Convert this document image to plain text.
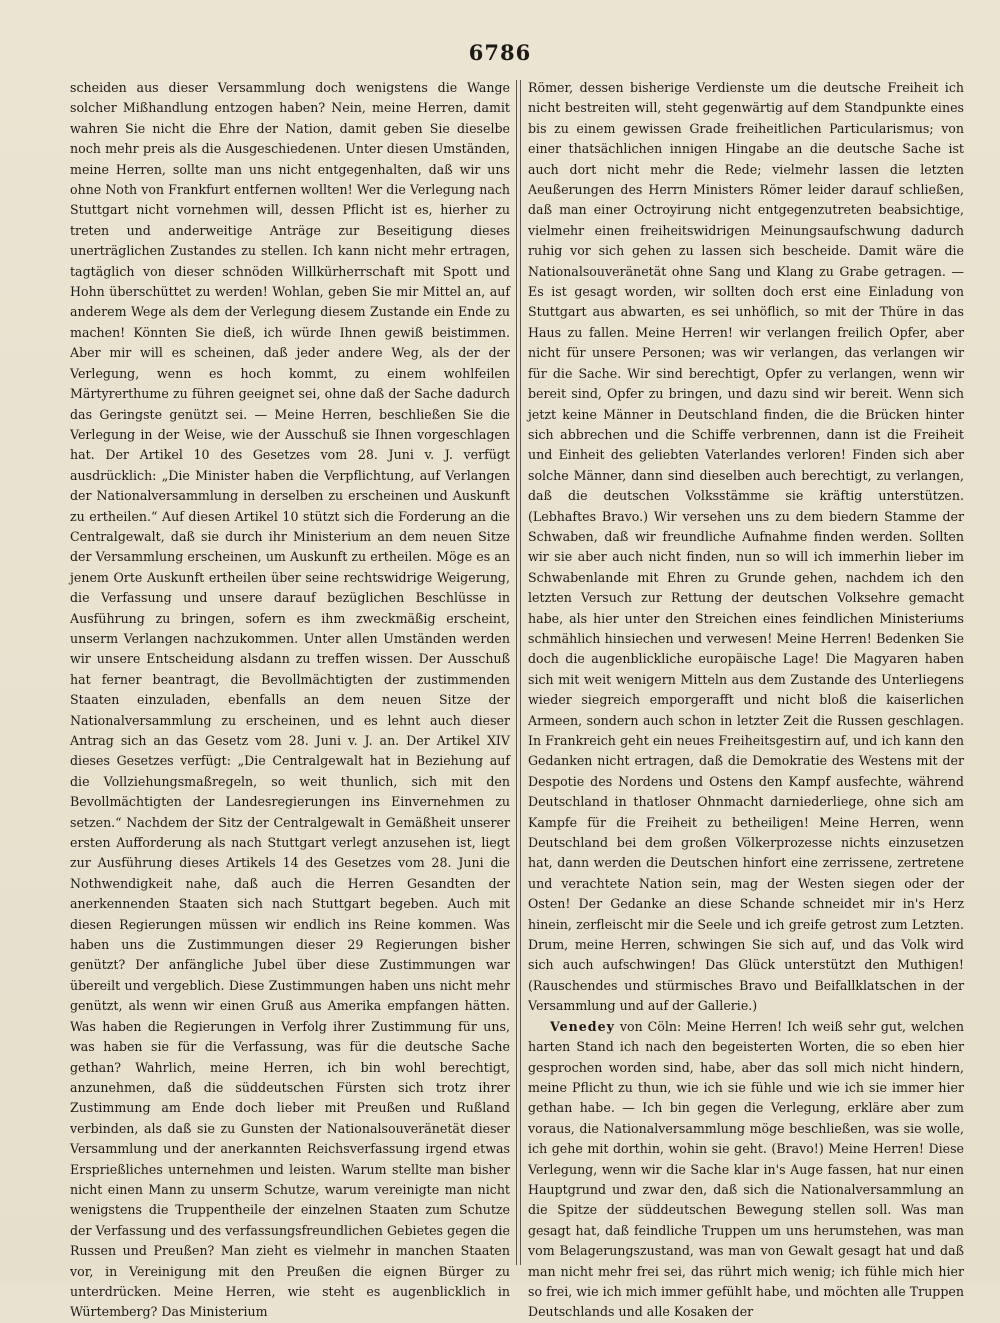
6786

scheiden aus dieser Versammlung doch wenigstens die Wange solcher Mißhandlung entzogen haben? Nein, meine Herren, damit wahren Sie nicht die Ehre der Nation, damit geben Sie dieselbe noch mehr preis als die Ausgeschiedenen. Unter diesen Umständen, meine Herren, sollte man uns nicht entgegenhalten, daß wir uns ohne Noth von Frankfurt entfernen wollten! Wer die Verlegung nach Stuttgart nicht vornehmen will, dessen Pflicht ist es, hierher zu treten und anderweitige Anträge zur Beseitigung dieses unerträglichen Zustandes zu stellen. Ich kann nicht mehr ertragen, tagtäglich von dieser schnöden Willkürherrschaft mit Spott und Hohn überschüttet zu werden! Wohlan, geben Sie mir Mittel an, auf anderem Wege als dem der Verlegung diesem Zustande ein Ende zu machen! Könnten Sie dieß, ich würde Ihnen gewiß beistimmen. Aber mir will es scheinen, daß jeder andere Weg, als der der Verlegung, wenn es hoch kommt, zu einem wohlfeilen Märtyrerthume zu führen geeignet sei, ohne daß der Sache dadurch das Geringste genützt sei. — Meine Herren, beschließen Sie die Verlegung in der Weise, wie der Ausschuß sie Ihnen vorgeschlagen hat. Der Artikel 10 des Gesetzes vom 28. Juni v. J. verfügt ausdrücklich: „Die Minister haben die Verpflichtung, auf Verlangen der Nationalversammlung in derselben zu erscheinen und Auskunft zu ertheilen.“ Auf diesen Artikel 10 stützt sich die Forderung an die Centralgewalt, daß sie durch ihr Ministerium an dem neuen Sitze der Versammlung erscheinen, um Auskunft zu ertheilen. Möge es an jenem Orte Auskunft ertheilen über seine rechtswidrige Weigerung, die Verfassung und unsere darauf bezüglichen Beschlüsse in Ausführung zu bringen, sofern es ihm zweckmäßig erscheint, unserm Verlangen nachzukommen. Unter allen Umständen werden wir unsere Entscheidung alsdann zu treffen wissen. Der Ausschuß hat ferner beantragt, die Bevollmächtigten der zustimmenden Staaten einzuladen, ebenfalls an dem neuen Sitze der Nationalversammlung zu erscheinen, und es lehnt auch dieser Antrag sich an das Gesetz vom 28. Juni v. J. an. Der Artikel XIV dieses Gesetzes verfügt: „Die Centralgewalt hat in Beziehung auf die Vollziehungsmaßregeln, so weit thunlich, sich mit den Bevollmächtigten der Landesregierungen ins Einvernehmen zu setzen.“ Nachdem der Sitz der Centralgewalt in Gemäßheit unserer ersten Aufforderung als nach Stuttgart verlegt anzusehen ist, liegt zur Ausführung dieses Artikels 14 des Gesetzes vom 28. Juni die Nothwendigkeit nahe, daß auch die Herren Gesandten der anerkennenden Staaten sich nach Stuttgart begeben. Auch mit diesen Regierungen müssen wir endlich ins Reine kommen. Was haben uns die Zustimmungen dieser 29 Regierungen bisher genützt? Der anfängliche Jubel über diese Zustimmungen war übereilt und vergeblich. Diese Zustimmungen haben uns nicht mehr genützt, als wenn wir einen Gruß aus Amerika empfangen hätten. Was haben die Regierungen in Verfolg ihrer Zustimmung für uns, was haben sie für die Verfassung, was für die deutsche Sache gethan? Wahrlich, meine Herren, ich bin wohl berechtigt, anzunehmen, daß die süddeutschen Fürsten sich trotz ihrer Zustimmung am Ende doch lieber mit Preußen und Rußland verbinden, als daß sie zu Gunsten der Nationalsouveränetät dieser Versammlung und der anerkannten Reichsverfassung irgend etwas Ersprießliches unternehmen und leisten. Warum stellte man bisher nicht einen Mann zu unserm Schutze, warum vereinigte man nicht wenigstens die Truppentheile der einzelnen Staaten zum Schutze der Verfassung und des verfassungsfreundlichen Gebietes gegen die Russen und Preußen? Man zieht es vielmehr in manchen Staaten vor, in Vereinigung mit den Preußen die eignen Bürger zu unterdrücken. Meine Herren, wie steht es augenblicklich in Würtemberg? Das Ministerium

Römer, dessen bisherige Verdienste um die deutsche Freiheit ich nicht bestreiten will, steht gegenwärtig auf dem Standpunkte eines bis zu einem gewissen Grade freiheitlichen Particularismus; von einer thatsächlichen innigen Hingabe an die deutsche Sache ist auch dort nicht mehr die Rede; vielmehr lassen die letzten Aeußerungen des Herrn Ministers Römer leider darauf schließen, daß man einer Octroyirung nicht entgegenzutreten beabsichtige, vielmehr einen freiheitswidrigen Meinungsaufschwung dadurch ruhig vor sich gehen zu lassen sich bescheide. Damit wäre die Nationalsouveränetät ohne Sang und Klang zu Grabe getragen. — Es ist gesagt worden, wir sollten doch erst eine Einladung von Stuttgart aus abwarten, es sei unhöflich, so mit der Thüre in das Haus zu fallen. Meine Herren! wir verlangen freilich Opfer, aber nicht für unsere Personen; was wir verlangen, das verlangen wir für die Sache. Wir sind berechtigt, Opfer zu verlangen, wenn wir bereit sind, Opfer zu bringen, und dazu sind wir bereit. Wenn sich jetzt keine Männer in Deutschland finden, die die Brücken hinter sich abbrechen und die Schiffe verbrennen, dann ist die Freiheit und Einheit des geliebten Vaterlandes verloren! Finden sich aber solche Männer, dann sind dieselben auch berechtigt, zu verlangen, daß die deutschen Volksstämme sie kräftig unterstützen. (Lebhaftes Bravo.) Wir versehen uns zu dem biedern Stamme der Schwaben, daß wir freundliche Aufnahme finden werden. Sollten wir sie aber auch nicht finden, nun so will ich immerhin lieber im Schwabenlande mit Ehren zu Grunde gehen, nachdem ich den letzten Versuch zur Rettung der deutschen Volksehre gemacht habe, als hier unter den Streichen eines feindlichen Ministeriums schmählich hinsiechen und verwesen! Meine Herren! Bedenken Sie doch die augenblickliche europäische Lage! Die Magyaren haben sich mit weit wenigern Mitteln aus dem Zustande des Unterliegens wieder siegreich emporgerafft und nicht bloß die kaiserlichen Armeen, sondern auch schon in letzter Zeit die Russen geschlagen. In Frankreich geht ein neues Freiheitsgestirn auf, und ich kann den Gedanken nicht ertragen, daß die Demokratie des Westens mit der Despotie des Nordens und Ostens den Kampf ausfechte, während Deutschland in thatloser Ohnmacht darniederliege, ohne sich am Kampfe für die Freiheit zu betheiligen! Meine Herren, wenn Deutschland bei dem großen Völkerprozesse nichts einzusetzen hat, dann werden die Deutschen hinfort eine zerrissene, zertretene und verachtete Nation sein, mag der Westen siegen oder der Osten! Der Gedanke an diese Schande schneidet mir in's Herz hinein, zerfleischt mir die Seele und ich greife getrost zum Letzten. Drum, meine Herren, schwingen Sie sich auf, und das Volk wird sich auch aufschwingen! Das Glück unterstützt den Muthigen! (Rauschendes und stürmisches Bravo und Beifallklatschen in der Versammlung und auf der Gallerie.)

Venedey von Cöln: Meine Herren! Ich weiß sehr gut, welchen harten Stand ich nach den begeisterten Worten, die so eben hier gesprochen worden sind, habe, aber das soll mich nicht hindern, meine Pflicht zu thun, wie ich sie fühle und wie ich sie immer hier gethan habe. — Ich bin gegen die Verlegung, erkläre aber zum voraus, die Nationalversammlung möge beschließen, was sie wolle, ich gehe mit dorthin, wohin sie geht. (Bravo!) Meine Herren! Diese Verlegung, wenn wir die Sache klar in's Auge fassen, hat nur einen Hauptgrund und zwar den, daß sich die Nationalversammlung an die Spitze der süddeutschen Bewegung stellen soll. Was man gesagt hat, daß feindliche Truppen um uns herumstehen, was man vom Belagerungszustand, was man von Gewalt gesagt hat und daß man nicht mehr frei sei, das rührt mich wenig; ich fühle mich hier so frei, wie ich mich immer gefühlt habe, und möchten alle Truppen Deutschlands und alle Kosaken der
